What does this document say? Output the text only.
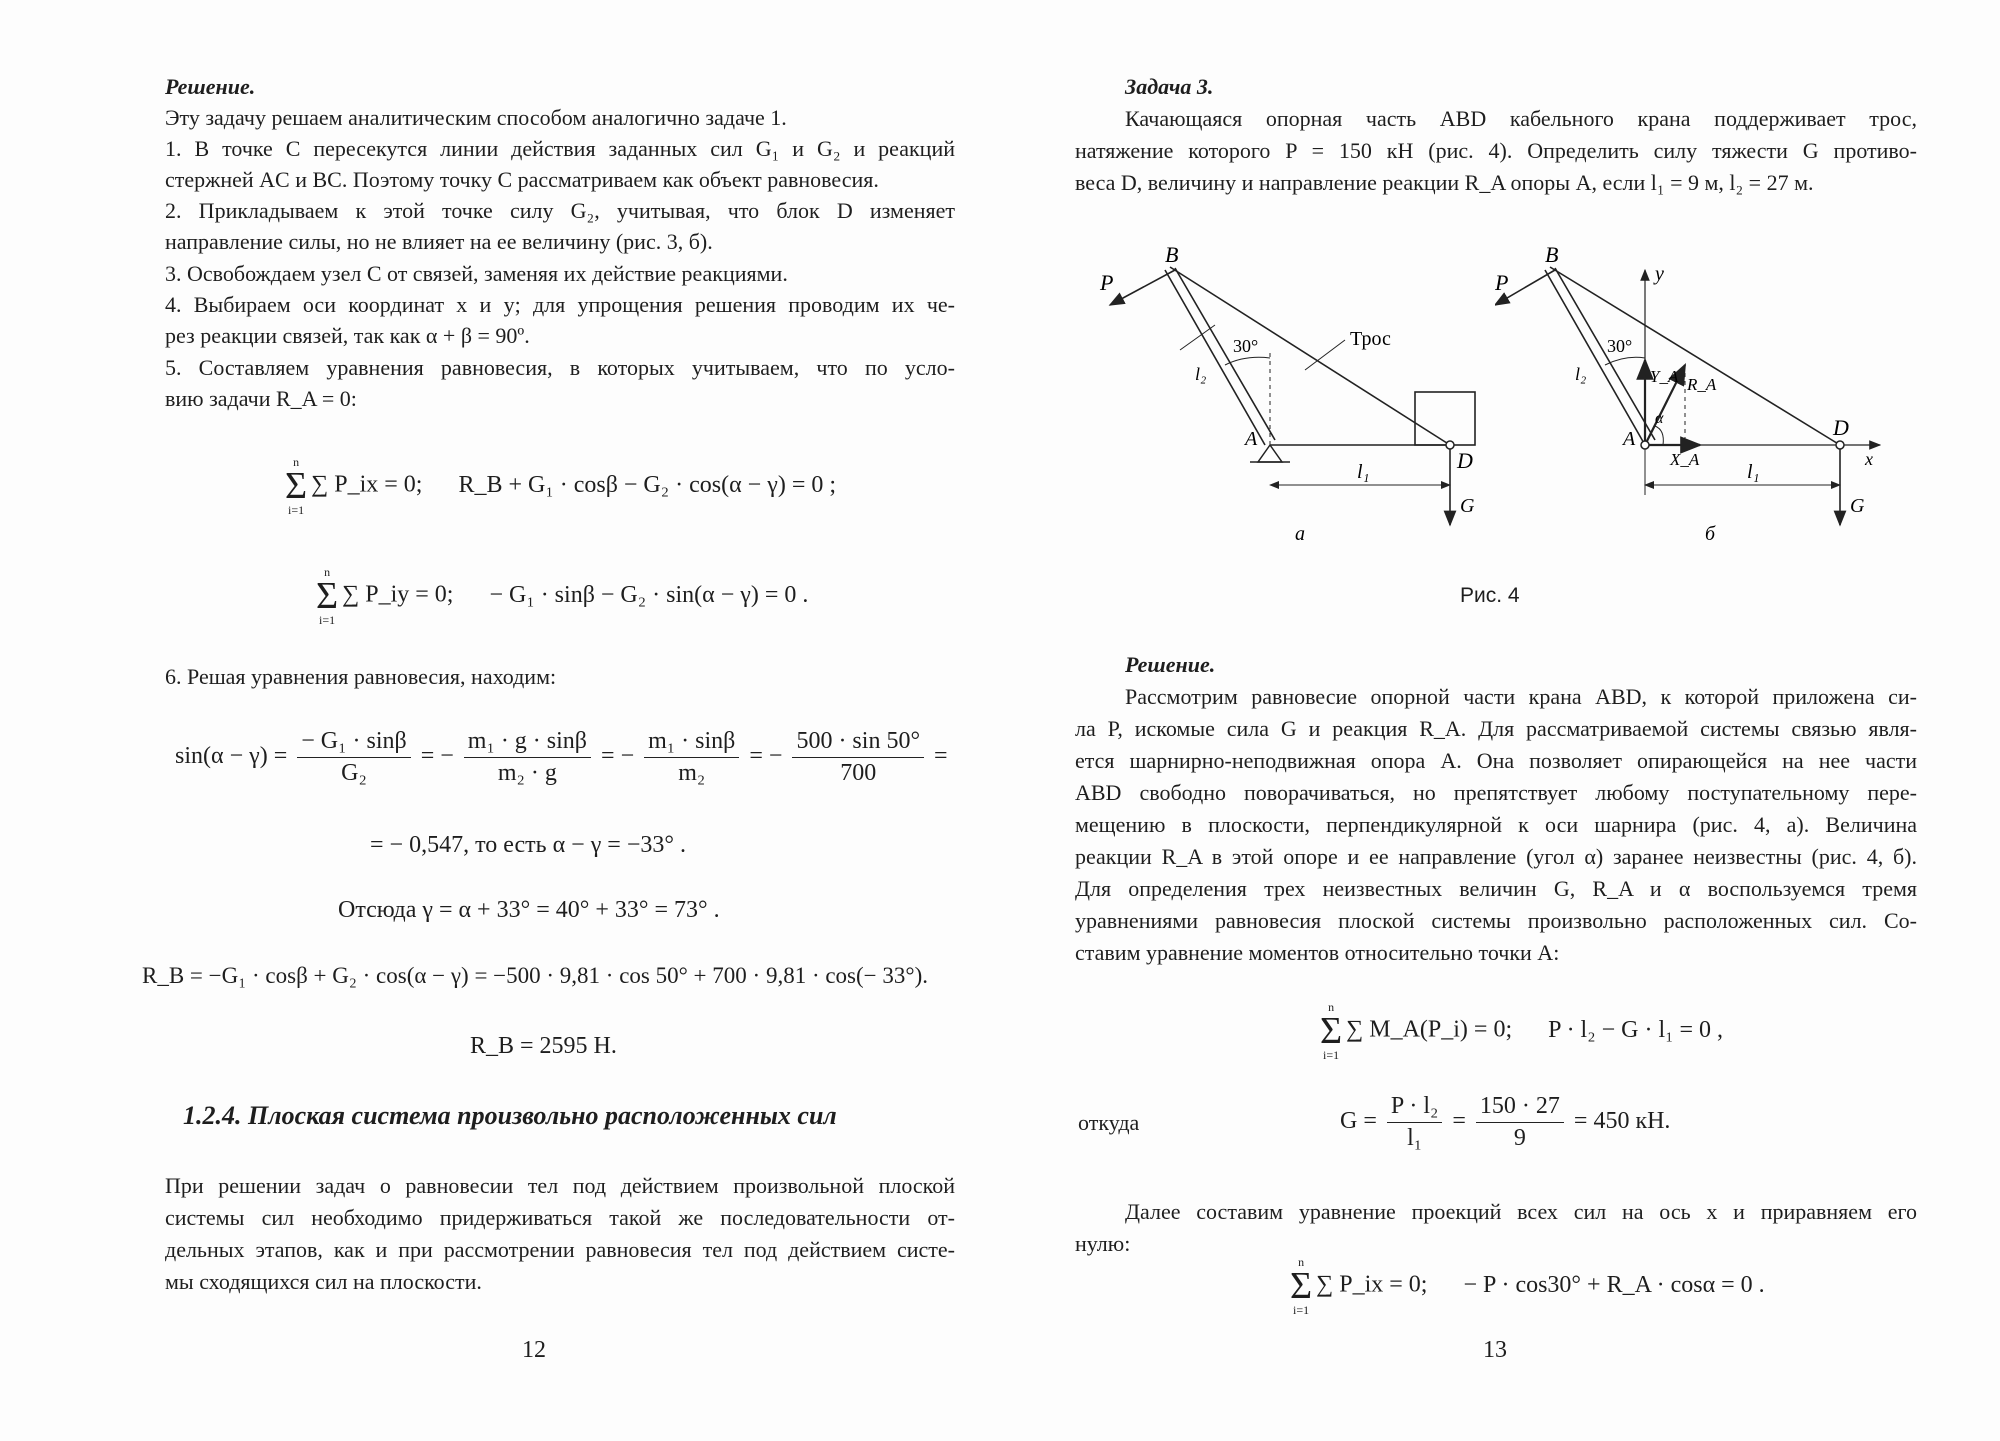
Решение.
Эту задачу решаем аналитическим способом аналогично задаче 1.
1. В точке C пересекутся линии действия заданных сил G₁ и G₂ и реакций
стержней AC и BC. Поэтому точку C рассматриваем как объект равновесия.
2. Прикладываем к этой точке силу G₂, учитывая, что блок D изменяет
направление силы, но не влияет на ее величину (рис. 3, б).
3. Освобождаем узел C от связей, заменяя их действие реакциями.
4. Выбираем оси координат x и y; для упрощения решения проводим их че-
рез реакции связей, так как α + β = 90º.
5. Составляем уравнения равновесия, в которых учитываем, что по усло-
вию задачи R_A = 0:
n
Σ
i=1
∑ P_ix = 0; R_B + G₁ · cosβ − G₂ · cos(α − γ) = 0 ;
n
Σ
i=1
∑ P_iy = 0; − G₁ · sinβ − G₂ · sin(α − γ) = 0 .
6. Решая уравнения равновесия, находим:
$\sin(\alpha - \gamma) = \frac{\text{− G₁ · sinβ}}{\text{G₂}}$ = − $\frac{\text{m₁ · g · sinβ}}{\text{m₂ · g}}$ = − $\frac{\text{m₁ · sinβ}}{\text{m₂}}$ = − $\frac{500 \cdot \sin 50^\circ}{700}$ =
= − 0,547, то есть α − γ = −33° .
Отсюда γ = α + 33° = 40° + 33° = 73° .
R_B = −G₁ · cosβ + G₂ · cos(α − γ) = −500 · 9,81 · cos 50° + 700 · 9,81 · cos(− 33°).
R_B = 2595 Н.
1.2.4. Плоская система произвольно расположенных сил
При решении задач о равновесии тел под действием произвольной плоской
системы сил необходимо придерживаться такой же последовательности от-
дельных этапов, как и при рассмотрении равновесия тел под действием систе-
мы сходящихся сил на плоскости.
12
Задача 3.
Качающаяся опорная часть ABD кабельного крана поддерживает трос,
натяжение которого P = 150 кН (рис. 4). Определить силу тяжести G противо-
веса D, величину и направление реакции R_A опоры A, если l₁ = 9 м, l₂ = 27 м.
P
B
30°
l₂
Трос
A
l₁	D
G
а
P
B
y
30°
l₂	Y_A R_A
α
A
X_A
D
x
l₁
G
б
Рис. 4
Решение.
Рассмотрим равновесие опорной части крана ABD, к которой приложена си-
ла P, искомые сила G и реакция R_A. Для рассматриваемой системы связью явля-
ется шарнирно-неподвижная опора A. Она позволяет опирающейся на нее части
ABD свободно поворачиваться, но препятствует любому поступательному пере-
мещению в плоскости, перпендикулярной к оси шарнира (рис. 4, а). Величина
реакции R_A в этой опоре и ее направление (угол α) заранее неизвестны (рис. 4, б).
Для определения трех неизвестных величин G, R_A и α воспользуемся тремя
уравнениями равновесия плоской системы произвольно расположенных сил. Со-
ставим уравнение моментов относительно точки A:
n
Σ
i=1
∑ M_A(P_i) = 0; P · l₂ − G · l₁ = 0 ,
откуда	$G = \frac{\text{P · l₂}}{\text{l₁}} = \frac{150 \cdot 27}{9} = 450$ кН.
Далее составим уравнение проекций всех сил на ось x и приравняем его
нулю:
n
Σ
i=1
∑ P_ix = 0; − P · cos30° + R_A · cosα = 0 .
13
